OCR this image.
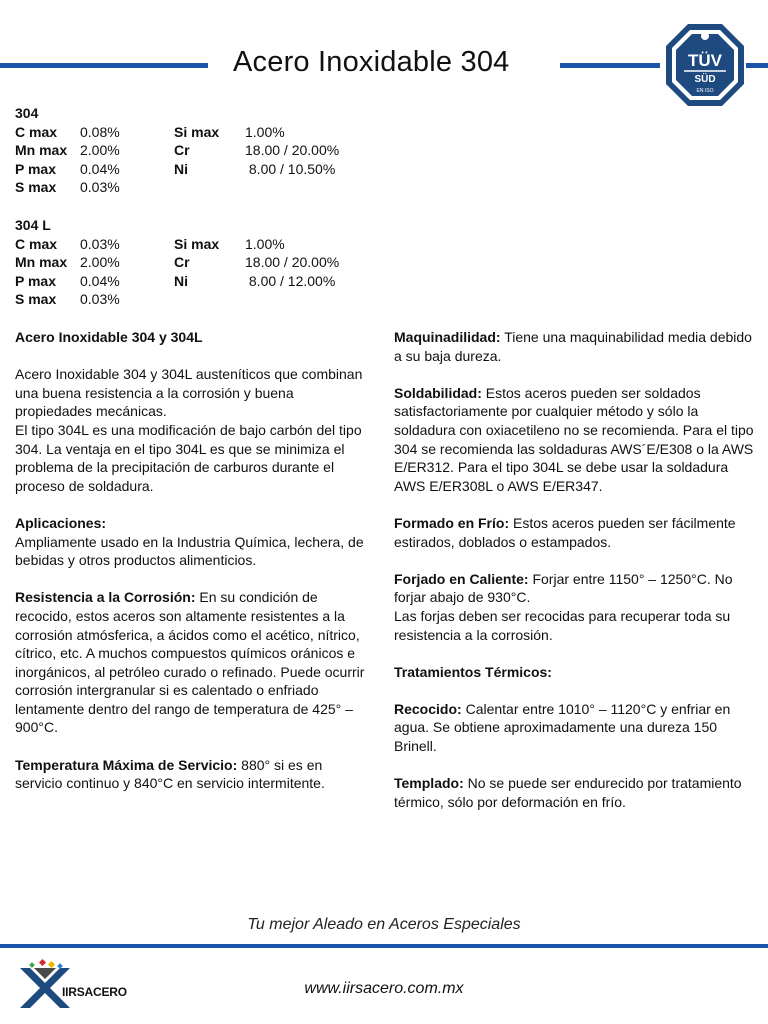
Acero Inoxidable 304	TÜV
SÜD
EN ISO
304
C max 0.08%	Si max 1.00%
Mn max 2.00%	Cr	18.00 / 20.00%
P max 0.04%	Ni	8.00 / 10.50%
S max 0.03%
304 L
C max 0.03%	Si max 1.00%
Mn max 2.00%	Cr	18.00 / 20.00%
P max 0.04%	Ni	8.00 / 12.00%
S max 0.03%

Acero Inoxidable 304 y 304L

Acero Inoxidable 304 y 304L austeníticos que combinan una buena resistencia a la corrosión y buena propiedades mecánicas.
El tipo 304L es una modificación de bajo carbón del tipo 304. La ventaja en el tipo 304L es que se minimiza el problema de la precipitación de carburos durante el proceso de soldadura.

Aplicaciones:
Ampliamente usado en la Industria Química, lechera, de bebidas y otros productos alimenticios.

Resistencia a la Corrosión: En su condición de recocido, estos aceros son altamente resistentes a la corrosión atmósferica, a ácidos como el acético, nítrico, cítrico, etc. A muchos compuestos químicos oránicos e inorgánicos, al petróleo curado o refinado. Puede ocurrir corrosión intergranular si es calentado o enfriado lentamente dentro del rango de temperatura de 425° – 900°C.

Temperatura Máxima de Servicio: 880° si es en servicio continuo y 840°C en servicio intermitente.

Maquinadilidad: Tiene una maquinabilidad media debido a su baja dureza.

Soldabilidad: Estos aceros pueden ser soldados satisfactoriamente por cualquier método y sólo la soldadura con oxiacetileno no se recomienda. Para el tipo 304 se recomienda las soldaduras AWS´E/E308 o la AWS E/ER312. Para el tipo 304L se debe usar la soldadura AWS E/ER308L o AWS E/ER347.

Formado en Frío: Estos aceros pueden ser fácilmente estirados, doblados o estampados.

Forjado en Caliente: Forjar entre 1150° – 1250°C. No forjar abajo de 930°C.
Las forjas deben ser recocidas para recuperar toda su resistencia a la corrosión.

Tratamientos Térmicos:

Recocido: Calentar entre 1010° – 1120°C y enfriar en agua. Se obtiene aproximadamente una dureza 150 Brinell.

Templado: No se puede ser endurecido por tratamiento térmico, sólo por deformación en frío.

Tu mejor Aleado en Aceros Especiales
IIRSACERO	www.iirsacero.com.mx
